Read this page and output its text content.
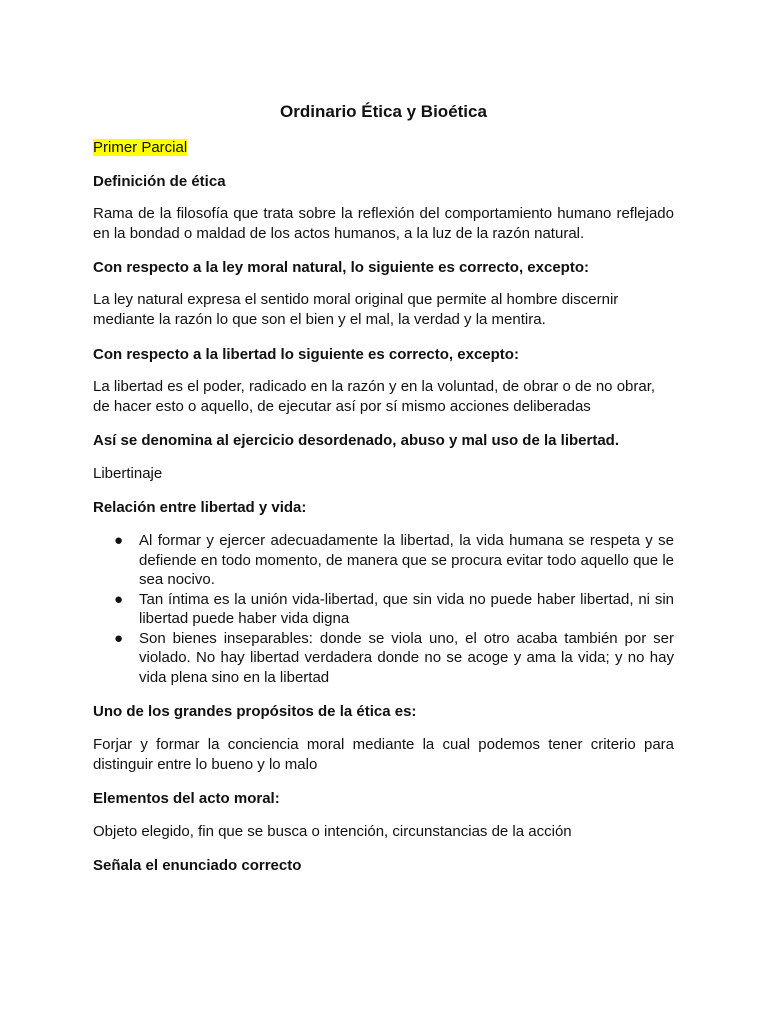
Ordinario Ética y Bioética

Primer Parcial

Definición de ética

Rama de la filosofía que trata sobre la reflexión del comportamiento humano reflejado en la bondad o maldad de los actos humanos, a la luz de la razón natural.

Con respecto a la ley moral natural, lo siguiente es correcto, excepto:

La ley natural expresa el sentido moral original que permite al hombre discernir mediante la razón lo que son el bien y el mal, la verdad y la mentira.

Con respecto a la libertad lo siguiente es correcto, excepto:

La libertad es el poder, radicado en la razón y en la voluntad, de obrar o de no obrar, de hacer esto o aquello, de ejecutar así por sí mismo acciones deliberadas

Así se denomina al ejercicio desordenado, abuso y mal uso de la libertad.

Libertinaje

Relación entre libertad y vida:

● Al formar y ejercer adecuadamente la libertad, la vida humana se respeta y se defiende en todo momento, de manera que se procura evitar todo aquello que le sea nocivo.
● Tan íntima es la unión vida-libertad, que sin vida no puede haber libertad, ni sin libertad puede haber vida digna
● Son bienes inseparables: donde se viola uno, el otro acaba también por ser violado. No hay libertad verdadera donde no se acoge y ama la vida; y no hay vida plena sino en la libertad

Uno de los grandes propósitos de la ética es:

Forjar y formar la conciencia moral mediante la cual podemos tener criterio para distinguir entre lo bueno y lo malo

Elementos del acto moral:

Objeto elegido, fin que se busca o intención, circunstancias de la acción

Señala el enunciado correcto
